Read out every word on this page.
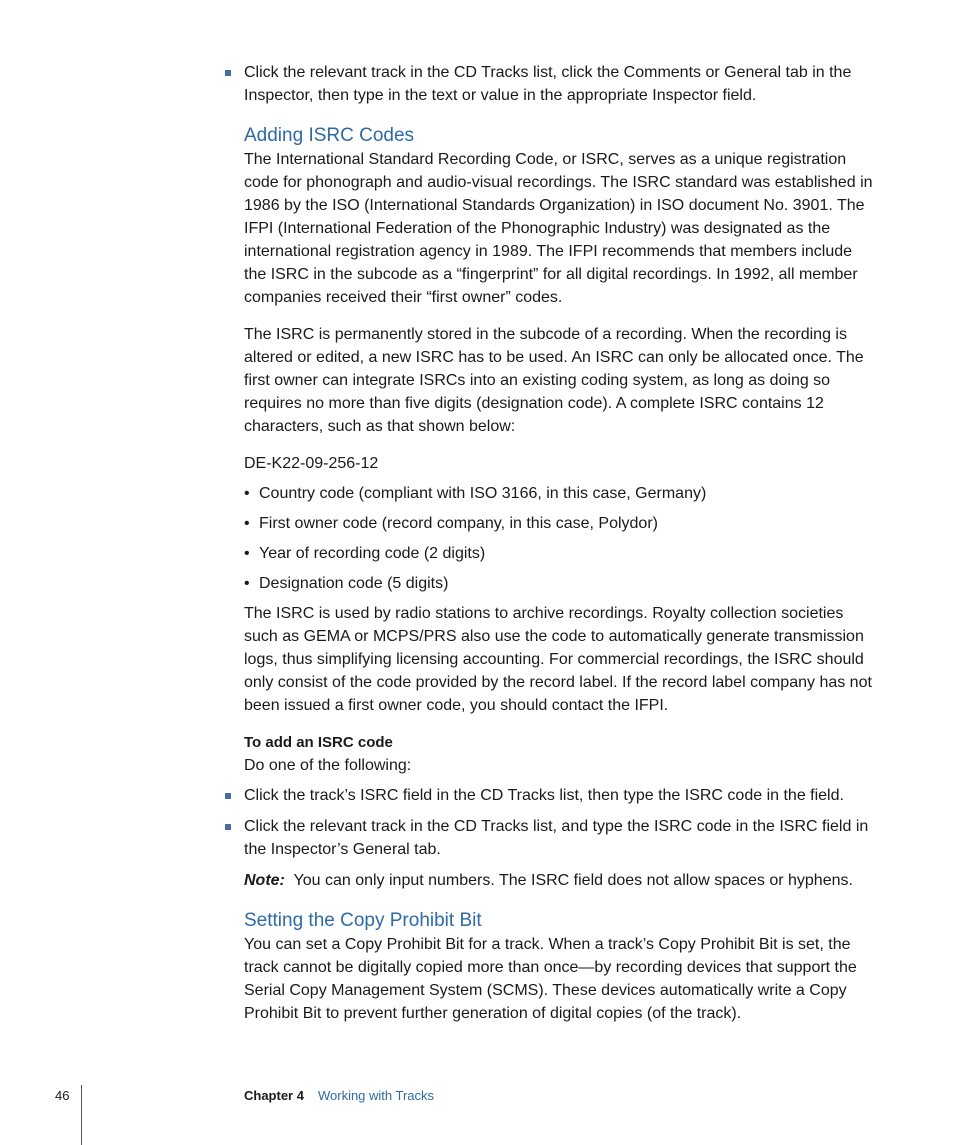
Click the relevant track in the CD Tracks list, click the Comments or General tab in the Inspector, then type in the text or value in the appropriate Inspector field.
Adding ISRC Codes

The International Standard Recording Code, or ISRC, serves as a unique registration code for phonograph and audio-visual recordings. The ISRC standard was established in 1986 by the ISO (International Standards Organization) in ISO document No. 3901. The IFPI (International Federation of the Phonographic Industry) was designated as the international registration agency in 1989. The IFPI recommends that members include the ISRC in the subcode as a “fingerprint” for all digital recordings. In 1992, all member companies received their “first owner” codes.

The ISRC is permanently stored in the subcode of a recording. When the recording is altered or edited, a new ISRC has to be used. An ISRC can only be allocated once. The first owner can integrate ISRCs into an existing coding system, as long as doing so requires no more than five digits (designation code). A complete ISRC contains 12 characters, such as that shown below:

DE-K22-09-256-12

• Country code (compliant with ISO 3166, in this case, Germany)
• First owner code (record company, in this case, Polydor)
• Year of recording code (2 digits)
• Designation code (5 digits)

The ISRC is used by radio stations to archive recordings. Royalty collection societies such as GEMA or MCPS/PRS also use the code to automatically generate transmission logs, thus simplifying licensing accounting. For commercial recordings, the ISRC should only consist of the code provided by the record label. If the record label company has not been issued a first owner code, you should contact the IFPI.

To add an ISRC code

Do one of the following:

Click the track’s ISRC field in the CD Tracks list, then type the ISRC code in the field.
Click the relevant track in the CD Tracks list, and type the ISRC code in the ISRC field in the Inspector’s General tab.

Note: You can only input numbers. The ISRC field does not allow spaces or hyphens.

Setting the Copy Prohibit Bit

You can set a Copy Prohibit Bit for a track. When a track’s Copy Prohibit Bit is set, the track cannot be digitally copied more than once—by recording devices that support the Serial Copy Management System (SCMS). These devices automatically write a Copy Prohibit Bit to prevent further generation of digital copies (of the track).

46	Chapter 4 Working with Tracks
